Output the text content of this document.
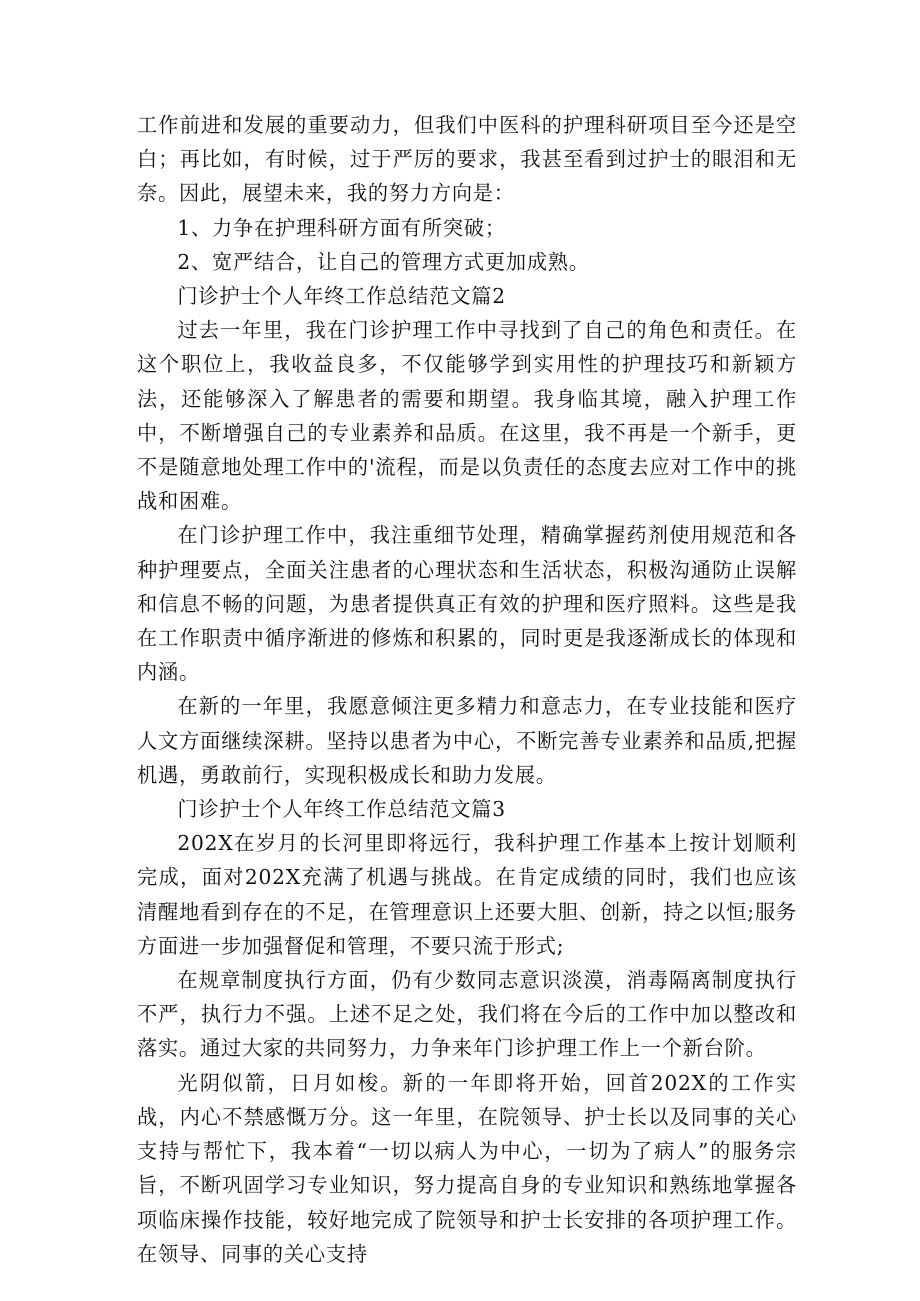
工作前进和发展的重要动力，但我们中医科的护理科研项目至今还是空白；再比如，有时候，过于严厉的要求，我甚至看到过护士的眼泪和无奈。因此，展望未来，我的努力方向是：

1、力争在护理科研方面有所突破；

2、宽严结合，让自己的管理方式更加成熟。

门诊护士个人年终工作总结范文篇2

过去一年里，我在门诊护理工作中寻找到了自己的角色和责任。在这个职位上，我收益良多，不仅能够学到实用性的护理技巧和新颖方法，还能够深入了解患者的需要和期望。我身临其境，融入护理工作中，不断增强自己的专业素养和品质。在这里，我不再是一个新手，更不是随意地处理工作中的'流程，而是以负责任的态度去应对工作中的挑战和困难。

在门诊护理工作中，我注重细节处理，精确掌握药剂使用规范和各种护理要点，全面关注患者的心理状态和生活状态，积极沟通防止误解和信息不畅的问题，为患者提供真正有效的护理和医疗照料。这些是我在工作职责中循序渐进的修炼和积累的，同时更是我逐渐成长的体现和内涵。

在新的一年里，我愿意倾注更多精力和意志力，在专业技能和医疗人文方面继续深耕。坚持以患者为中心，不断完善专业素养和品质,把握机遇，勇敢前行，实现积极成长和助力发展。

门诊护士个人年终工作总结范文篇3

202X在岁月的长河里即将远行，我科护理工作基本上按计划顺利完成，面对202X充满了机遇与挑战。在肯定成绩的同时，我们也应该清醒地看到存在的不足，在管理意识上还要大胆、创新，持之以恒;服务方面进一步加强督促和管理，不要只流于形式;

在规章制度执行方面，仍有少数同志意识淡漠，消毒隔离制度执行不严，执行力不强。上述不足之处，我们将在今后的工作中加以整改和落实。通过大家的共同努力，力争来年门诊护理工作上一个新台阶。

光阴似箭，日月如梭。新的一年即将开始，回首202X的工作实战，内心不禁感慨万分。这一年里，在院领导、护士长以及同事的关心支持与帮忙下，我本着“一切以病人为中心，一切为了病人”的服务宗旨，不断巩固学习专业知识，努力提高自身的专业知识和熟练地掌握各项临床操作技能，较好地完成了院领导和护士长安排的各项护理工作。在领导、同事的关心支持
